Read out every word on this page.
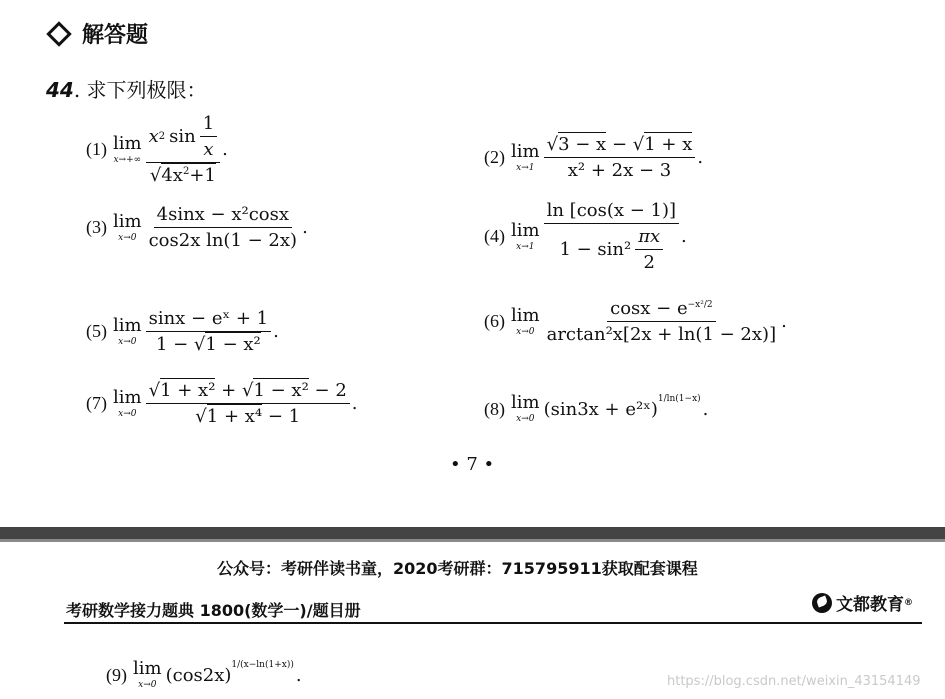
解答题
44. 求下列极限：
(1) lim
$x\to+\infty \frac{x 2 \sin \frac{1}{x}}{√4x^2+1}$ .	(2) lim
$x\to 1 \frac{√3 - x - √1 + x}{\text{x² + 2x − 3}}$ .
(3) lim
$x\to 0 \frac{\text{4sinx − x²cosx}}{\text{cos2x ln(1 − 2x)}}$ .	(4) lim
$x\to 1 \frac{\ln [\cos(x - 1)]}{1 - \sin^2 \frac{\pi x}{2}}$ .
(5) lim
$x\to 0 \frac{\text{sinx − eˣ + 1}}{\text{1 − √1 − x²}}$ .	(6) lim
$x\to 0 \frac{\cos x - e^{-x^2/2}}{\text{arctan²x[2x + ln(1 − 2x)]}}$ .
(7) lim
$x\to 0 \frac{\text{√1 + x² + √1 − x² − 2}}{\text{√1 + x⁴ − 1}}$ .	(8) lim
x→0 (sin3x + e²ˣ) 1/ln(1−x) .
• 7 •
公众号：考研伴读书童，2020考研群：715795911获取配套课程
考研数学接力题典 1800(数学一)/题目册	文都教育 ®
(9) lim
x→0 (cos2x) 1/(x−ln(1+x)) .	https://blog.csdn.net/weixin_43154149
